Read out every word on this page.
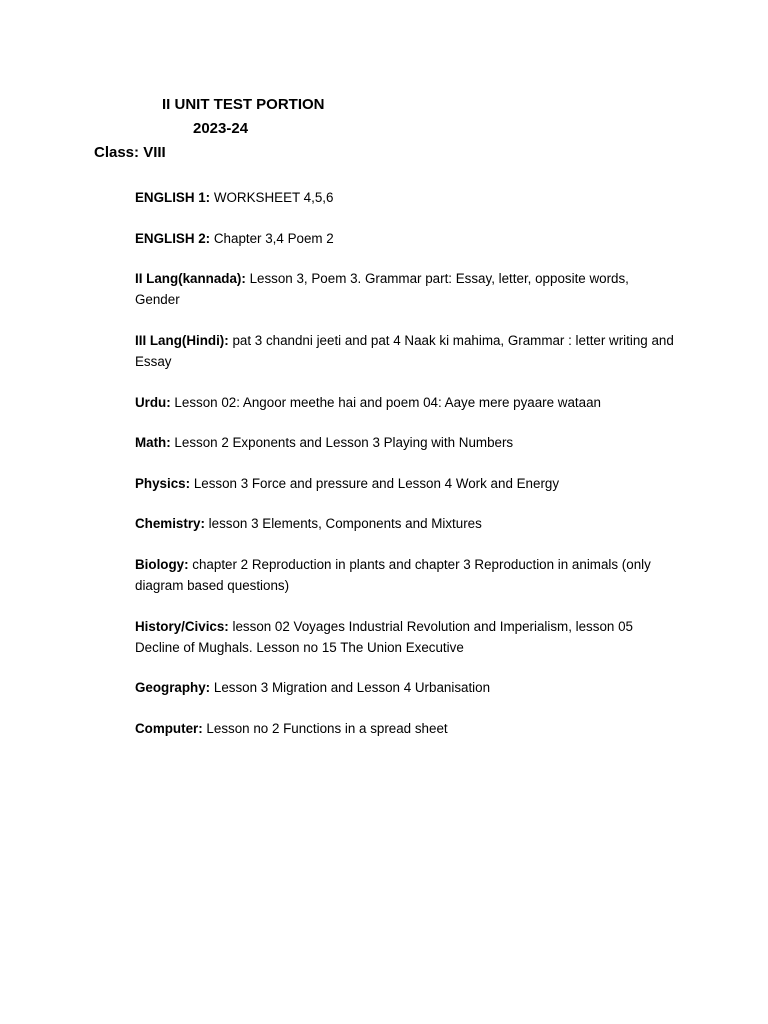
II UNIT TEST PORTION
2023-24
Class: VIII

ENGLISH 1: WORKSHEET 4,5,6

ENGLISH 2: Chapter 3,4 Poem 2

II Lang(kannada): Lesson 3, Poem 3. Grammar part: Essay, letter, opposite words, Gender

III Lang(Hindi): pat 3 chandni jeeti and pat 4 Naak ki mahima, Grammar : letter writing and Essay

Urdu: Lesson 02: Angoor meethe hai and poem 04: Aaye mere pyaare wataan

Math: Lesson 2 Exponents and Lesson 3 Playing with Numbers

Physics: Lesson 3 Force and pressure and Lesson 4 Work and Energy

Chemistry: lesson 3 Elements, Components and Mixtures

Biology: chapter 2 Reproduction in plants and chapter 3 Reproduction in animals (only diagram based questions)

History/Civics: lesson 02 Voyages Industrial Revolution and Imperialism, lesson 05 Decline of Mughals. Lesson no 15 The Union Executive

Geography: Lesson 3 Migration and Lesson 4 Urbanisation

Computer: Lesson no 2 Functions in a spread sheet
